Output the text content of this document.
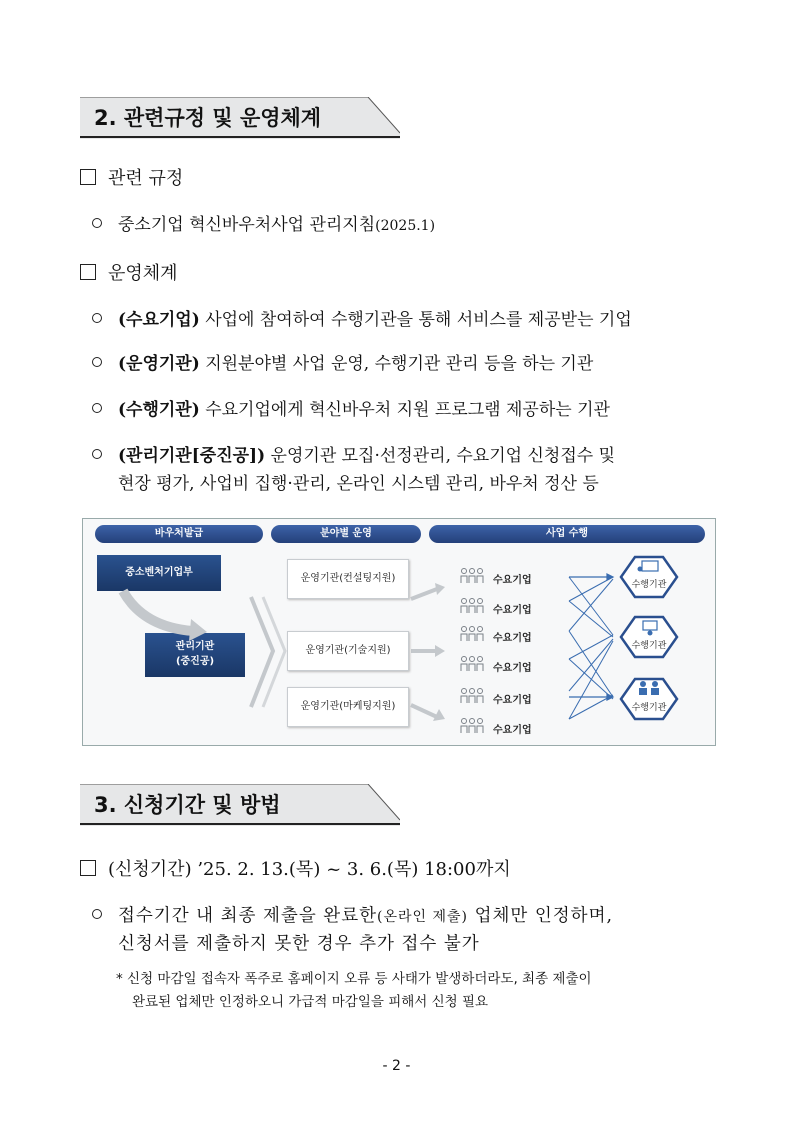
2. 관련규정 및 운영체계
관련 규정
중소기업 혁신바우처사업 관리지침(2025.1)
운영체계
(수요기업) 사업에 참여하여 수행기관을 통해 서비스를 제공받는 기업
(운영기관) 지원분야별 사업 운영, 수행기관 관리 등을 하는 기관
(수행기관) 수요기업에게 혁신바우처 지원 프로그램 제공하는 기관
(관리기관[중진공]) 운영기관 모집·선정관리, 수요기업 신청접수 및
현장 평가, 사업비 집행·관리, 온라인 시스템 관리, 바우처 정산 등
바우처발급	분야별 운영	사업 수행
중소벤처기업부
관리기관
(중진공)
운영기관(컨설팅지원)
운영기관(기술지원)
운영기관(마케팅지원)
수요기업
수요기업
수요기업
수요기업
수요기업
수요기업
수행기관
수행기관
수행기관
3. 신청기간 및 방법
(신청기간) ’25. 2. 13.(목) ~ 3. 6.(목) 18:00까지
접수기간 내 최종 제출을 완료한(온라인 제출) 업체만 인정하며,
신청서를 제출하지 못한 경우 추가 접수 불가
* 신청 마감일 접속자 폭주로 홈페이지 오류 등 사태가 발생하더라도, 최종 제출이
완료된 업체만 인정하오니 가급적 마감일을 피해서 신청 필요
- 2 -
